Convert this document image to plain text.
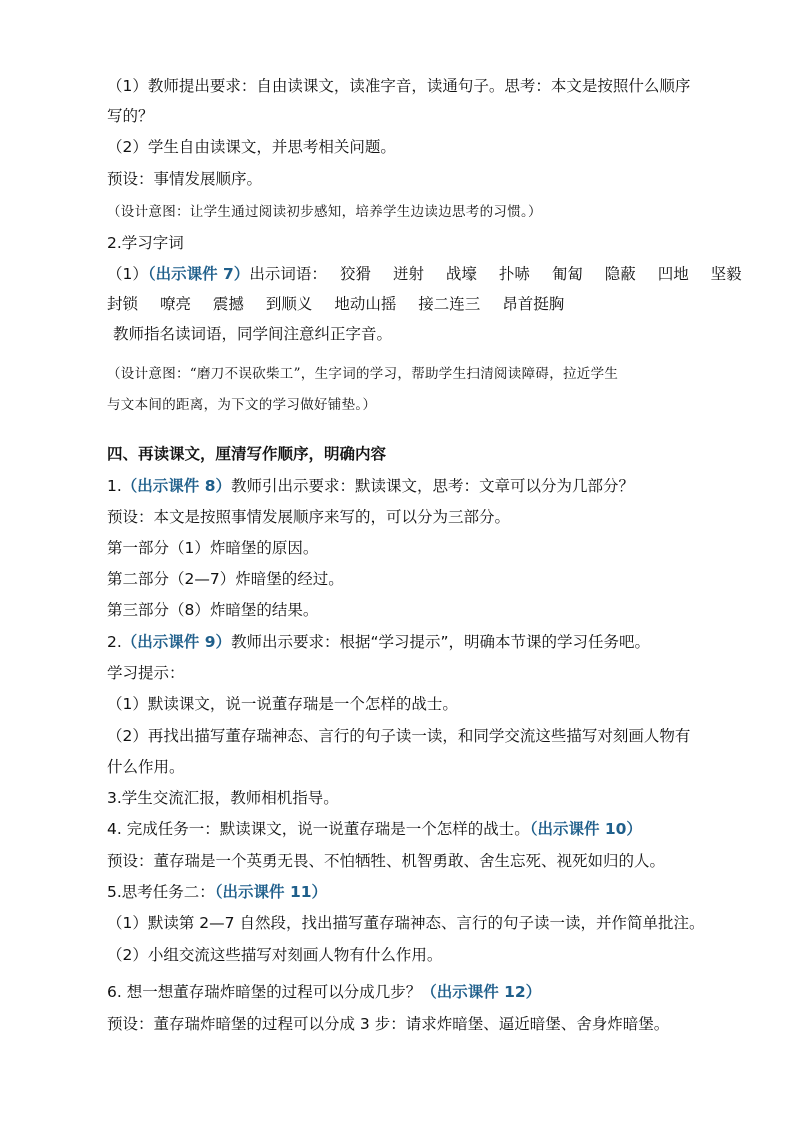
（1）教师提出要求：自由读课文，读准字音，读通句子。思考：本文是按照什么顺序
写的？
（2）学生自由读课文，并思考相关问题。
预设：事情发展顺序。
（设计意图：让学生通过阅读初步感知，培养学生边读边思考的习惯。）
2.学习字词
（1）（出示课件 7）出示词语： 狡猾 迸射 战壕 扑哧 匍匐 隐蔽 凹地 坚毅
封锁 嘹亮 震撼 到顺义 地动山摇 接二连三 昂首挺胸
教师指名读词语，同学间注意纠正字音。
（设计意图：“磨刀不误砍柴工”，生字词的学习，帮助学生扫清阅读障碍，拉近学生
与文本间的距离，为下文的学习做好铺垫。）
四、再读课文，厘清写作顺序，明确内容
1.（出示课件 8）教师引出示要求：默读课文，思考：文章可以分为几部分？
预设：本文是按照事情发展顺序来写的，可以分为三部分。
第一部分（1）炸暗堡的原因。
第二部分（2—7）炸暗堡的经过。
第三部分（8）炸暗堡的结果。
2.（出示课件 9）教师出示要求：根据“学习提示”，明确本节课的学习任务吧。
学习提示：
（1）默读课文，说一说董存瑞是一个怎样的战士。
（2）再找出描写董存瑞神态、言行的句子读一读，和同学交流这些描写对刻画人物有
什么作用。
3.学生交流汇报，教师相机指导。
4. 完成任务一：默读课文，说一说董存瑞是一个怎样的战士。（出示课件 10）
预设：董存瑞是一个英勇无畏、不怕牺牲、机智勇敢、舍生忘死、视死如归的人。
5.思考任务二：（出示课件 11）
（1）默读第 2—7 自然段，找出描写董存瑞神态、言行的句子读一读，并作简单批注。
（2）小组交流这些描写对刻画人物有什么作用。
6. 想一想董存瑞炸暗堡的过程可以分成几步？（出示课件 12）
预设：董存瑞炸暗堡的过程可以分成 3 步：请求炸暗堡、逼近暗堡、舍身炸暗堡。
